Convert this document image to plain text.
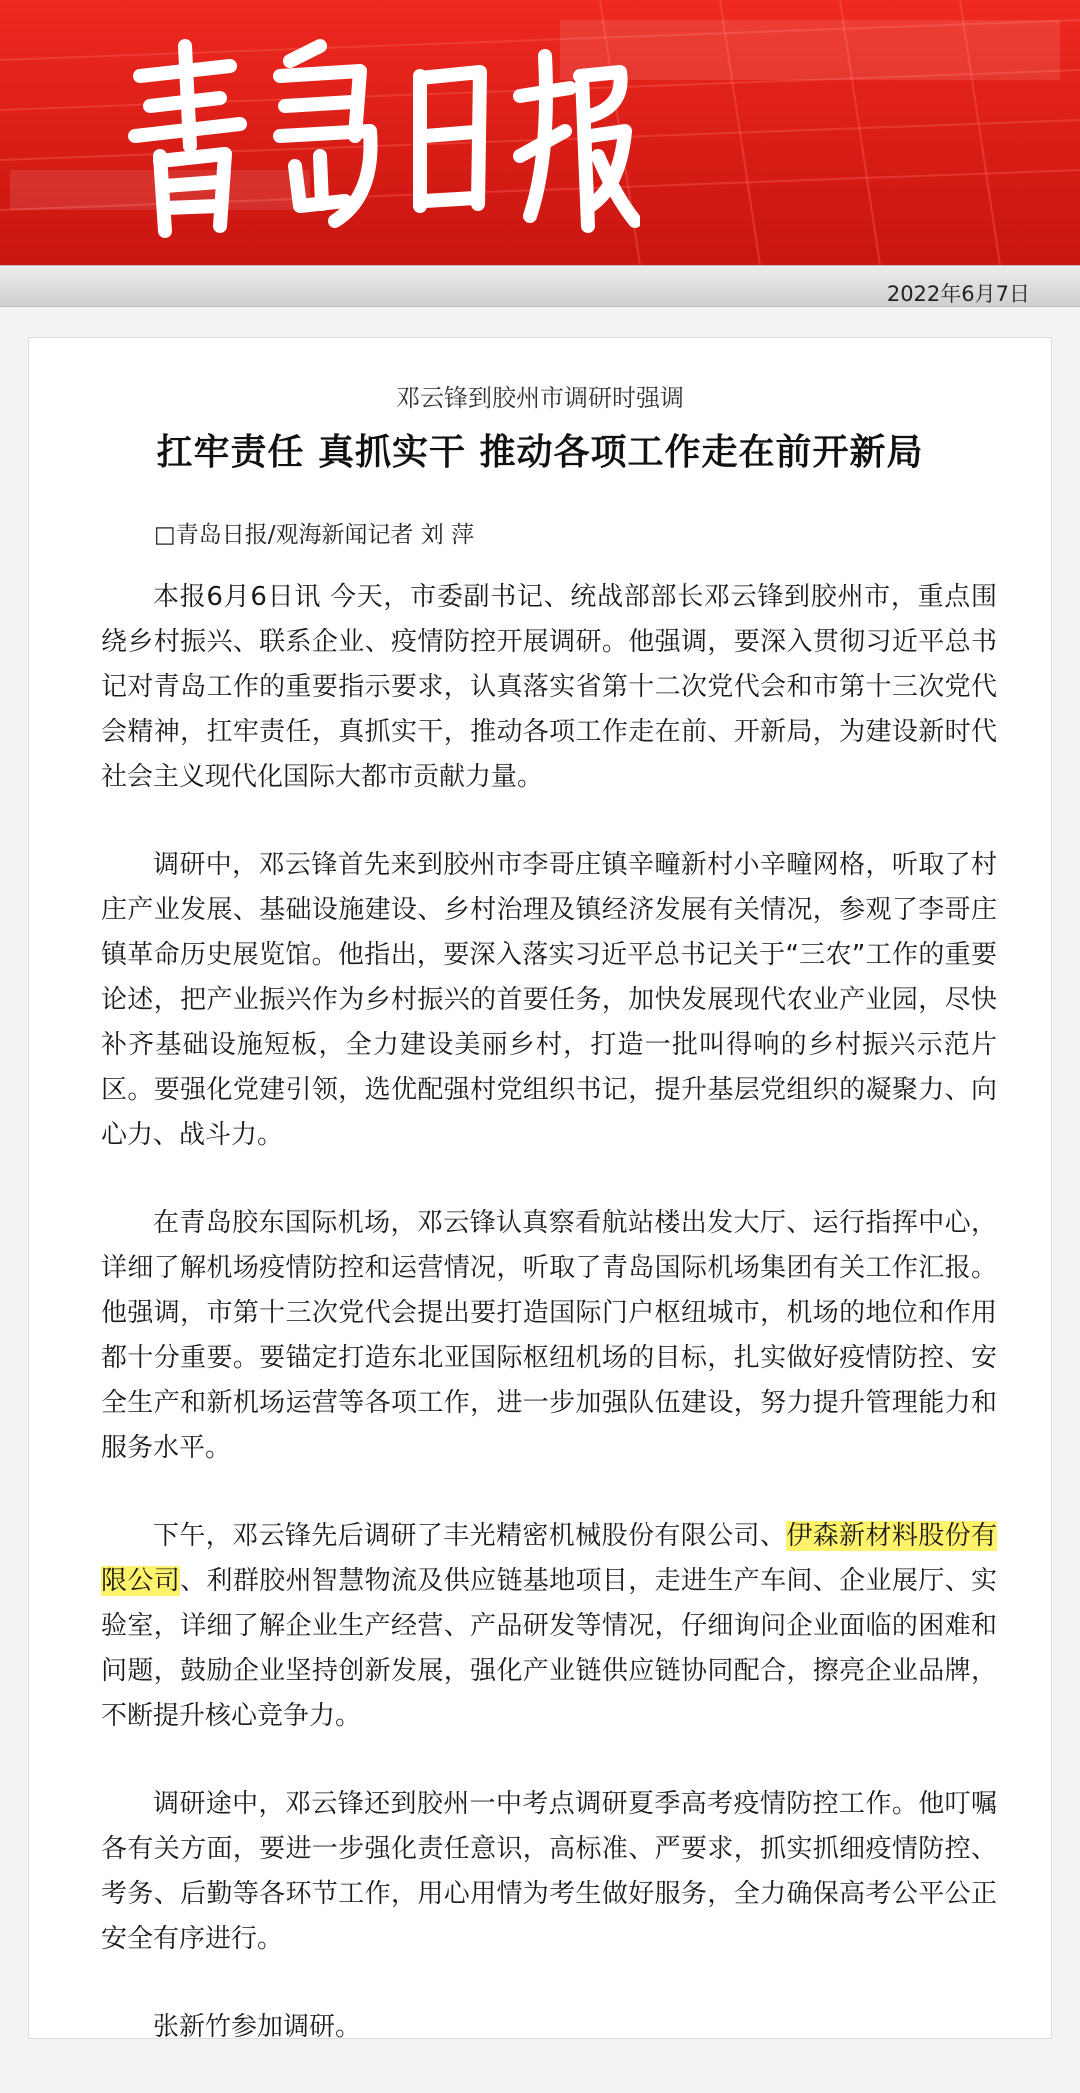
2022年6月7日
邓云锋到胶州市调研时强调
扛牢责任 真抓实干 推动各项工作走在前开新局
□青岛日报/观海新闻记者 刘 萍

本报6月6日讯 今天，市委副书记、统战部部长邓云锋到胶州市，重点围绕乡村振兴、联系企业、疫情防控开展调研。他强调，要深入贯彻习近平总书记对青岛工作的重要指示要求，认真落实省第十二次党代会和市第十三次党代会精神，扛牢责任，真抓实干，推动各项工作走在前、开新局，为建设新时代社会主义现代化国际大都市贡献力量。

调研中，邓云锋首先来到胶州市李哥庄镇辛疃新村小辛疃网格，听取了村庄产业发展、基础设施建设、乡村治理及镇经济发展有关情况，参观了李哥庄镇革命历史展览馆。他指出，要深入落实习近平总书记关于“三农”工作的重要论述，把产业振兴作为乡村振兴的首要任务，加快发展现代农业产业园，尽快补齐基础设施短板，全力建设美丽乡村，打造一批叫得响的乡村振兴示范片区。要强化党建引领，选优配强村党组织书记，提升基层党组织的凝聚力、向心力、战斗力。

在青岛胶东国际机场，邓云锋认真察看航站楼出发大厅、运行指挥中心，详细了解机场疫情防控和运营情况，听取了青岛国际机场集团有关工作汇报。他强调，市第十三次党代会提出要打造国际门户枢纽城市，机场的地位和作用都十分重要。要锚定打造东北亚国际枢纽机场的目标，扎实做好疫情防控、安全生产和新机场运营等各项工作，进一步加强队伍建设，努力提升管理能力和服务水平。

下午，邓云锋先后调研了丰光精密机械股份有限公司、伊森新材料股份有限公司、利群胶州智慧物流及供应链基地项目，走进生产车间、企业展厅、实验室，详细了解企业生产经营、产品研发等情况，仔细询问企业面临的困难和问题，鼓励企业坚持创新发展，强化产业链供应链协同配合，擦亮企业品牌，不断提升核心竞争力。

调研途中，邓云锋还到胶州一中考点调研夏季高考疫情防控工作。他叮嘱各有关方面，要进一步强化责任意识，高标准、严要求，抓实抓细疫情防控、考务、后勤等各环节工作，用心用情为考生做好服务，全力确保高考公平公正安全有序进行。

张新竹参加调研。
